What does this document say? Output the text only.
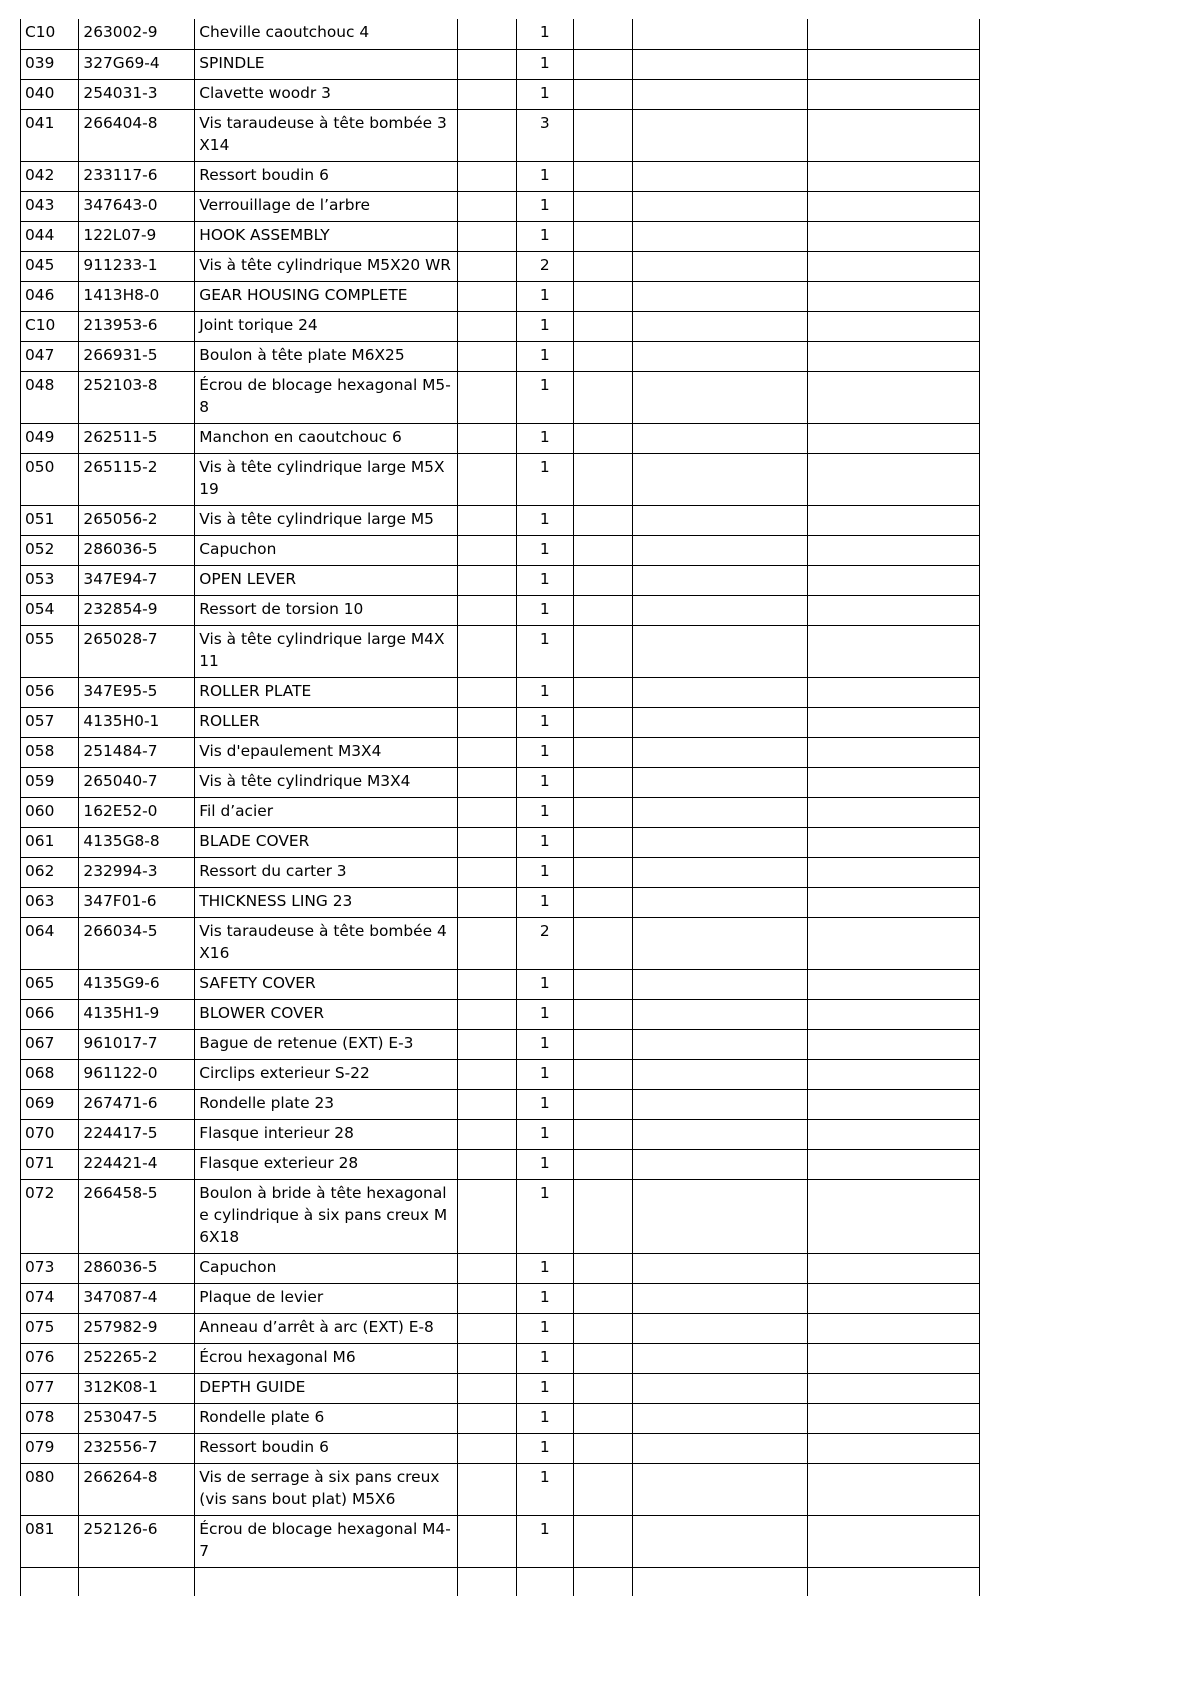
C10	263002-9	Cheville caoutchouc 4		1			
039	327G69-4	SPINDLE		1			
040	254031-3	Clavette woodr 3		1			
041	266404-8	Vis taraudeuse à tête bombée 3X14		3			
042	233117-6	Ressort boudin 6		1			
043	347643-0	Verrouillage de l’arbre		1			
044	122L07-9	HOOK ASSEMBLY		1			
045	911233-1	Vis à tête cylindrique M5X20 WR		2			
046	1413H8-0	GEAR HOUSING COMPLETE		1			
C10	213953-6	Joint torique 24		1			
047	266931-5	Boulon à tête plate M6X25		1			
048	252103-8	Écrou de blocage hexagonal M5-8		1			
049	262511-5	Manchon en caoutchouc 6		1			
050	265115-2	Vis à tête cylindrique large M5X19		1			
051	265056-2	Vis à tête cylindrique large M5		1			
052	286036-5	Capuchon		1			
053	347E94-7	OPEN LEVER		1			
054	232854-9	Ressort de torsion 10		1			
055	265028-7	Vis à tête cylindrique large M4X11		1			
056	347E95-5	ROLLER PLATE		1			
057	4135H0-1	ROLLER		1			
058	251484-7	Vis d'epaulement M3X4		1			
059	265040-7	Vis à tête cylindrique M3X4		1			
060	162E52-0	Fil d’acier		1			
061	4135G8-8	BLADE COVER		1			
062	232994-3	Ressort du carter 3		1			
063	347F01-6	THICKNESS LING 23		1			
064	266034-5	Vis taraudeuse à tête bombée 4X16		2			
065	4135G9-6	SAFETY COVER		1			
066	4135H1-9	BLOWER COVER		1			
067	961017-7	Bague de retenue (EXT) E-3		1			
068	961122-0	Circlips exterieur S-22		1			
069	267471-6	Rondelle plate 23		1			
070	224417-5	Flasque interieur 28		1			
071	224421-4	Flasque exterieur 28		1			
072	266458-5	Boulon à bride à tête hexagonale cylindrique à six pans creux M6X18		1			
073	286036-5	Capuchon		1			
074	347087-4	Plaque de levier		1			
075	257982-9	Anneau d’arrêt à arc (EXT) E-8		1			
076	252265-2	Écrou hexagonal M6		1			
077	312K08-1	DEPTH GUIDE		1			
078	253047-5	Rondelle plate 6		1			
079	232556-7	Ressort boudin 6		1			
080	266264-8	Vis de serrage à six pans creux (vis sans bout plat) M5X6		1			
081	252126-6	Écrou de blocage hexagonal M4-7		1			
